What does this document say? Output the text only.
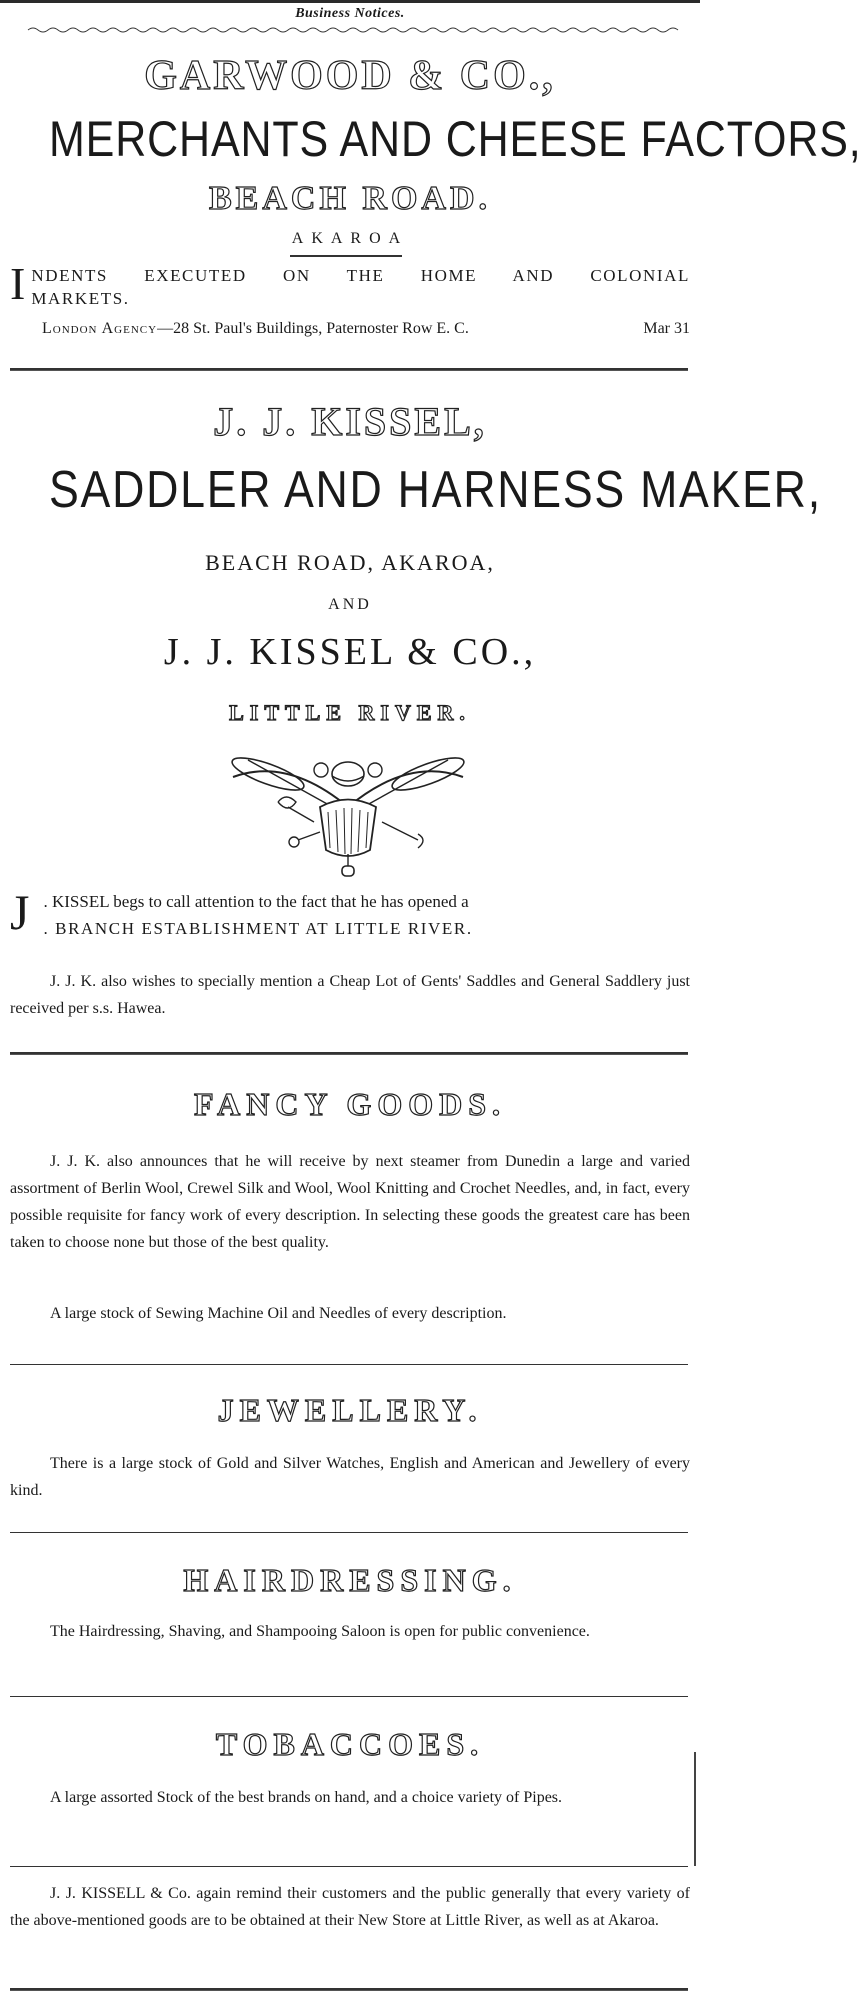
Business Notices.
GARWOOD & CO.,
MERCHANTS AND CHEESE FACTORS,
BEACH ROAD.
AKAROA
I NDENTS EXECUTED ON THE HOME AND COLONIAL MARKETS.
London Agency—28 St. Paul's Buildings, Paternoster Row E. C.	Mar 31
J. J. KISSEL,
SADDLER AND HARNESS MAKER,
BEACH ROAD, AKAROA,
AND
J. J. KISSEL & CO.,
LITTLE RIVER.
J . KISSEL begs to call attention to the fact that he has opened a
. BRANCH ESTABLISHMENT AT LITTLE RIVER.
J. J. K. also wishes to specially mention a Cheap Lot of Gents' Saddles and General Saddlery just received per s.s. Hawea.
FANCY GOODS.
J. J. K. also announces that he will receive by next steamer from Dunedin a large and varied assortment of Berlin Wool, Crewel Silk and Wool, Wool Knitting and Crochet Needles, and, in fact, every possible requisite for fancy work of every description. In selecting these goods the greatest care has been taken to choose none but those of the best quality.
A large stock of Sewing Machine Oil and Needles of every description.
JEWELLERY.
There is a large stock of Gold and Silver Watches, English and American and Jewellery of every kind.
HAIRDRESSING.
The Hairdressing, Shaving, and Shampooing Saloon is open for public convenience.
TOBACCOES.
A large assorted Stock of the best brands on hand, and a choice variety of Pipes.
J. J. KISSELL & Co. again remind their customers and the public generally that every variety of the above-mentioned goods are to be obtained at their New Store at Little River, as well as at Akaroa.
